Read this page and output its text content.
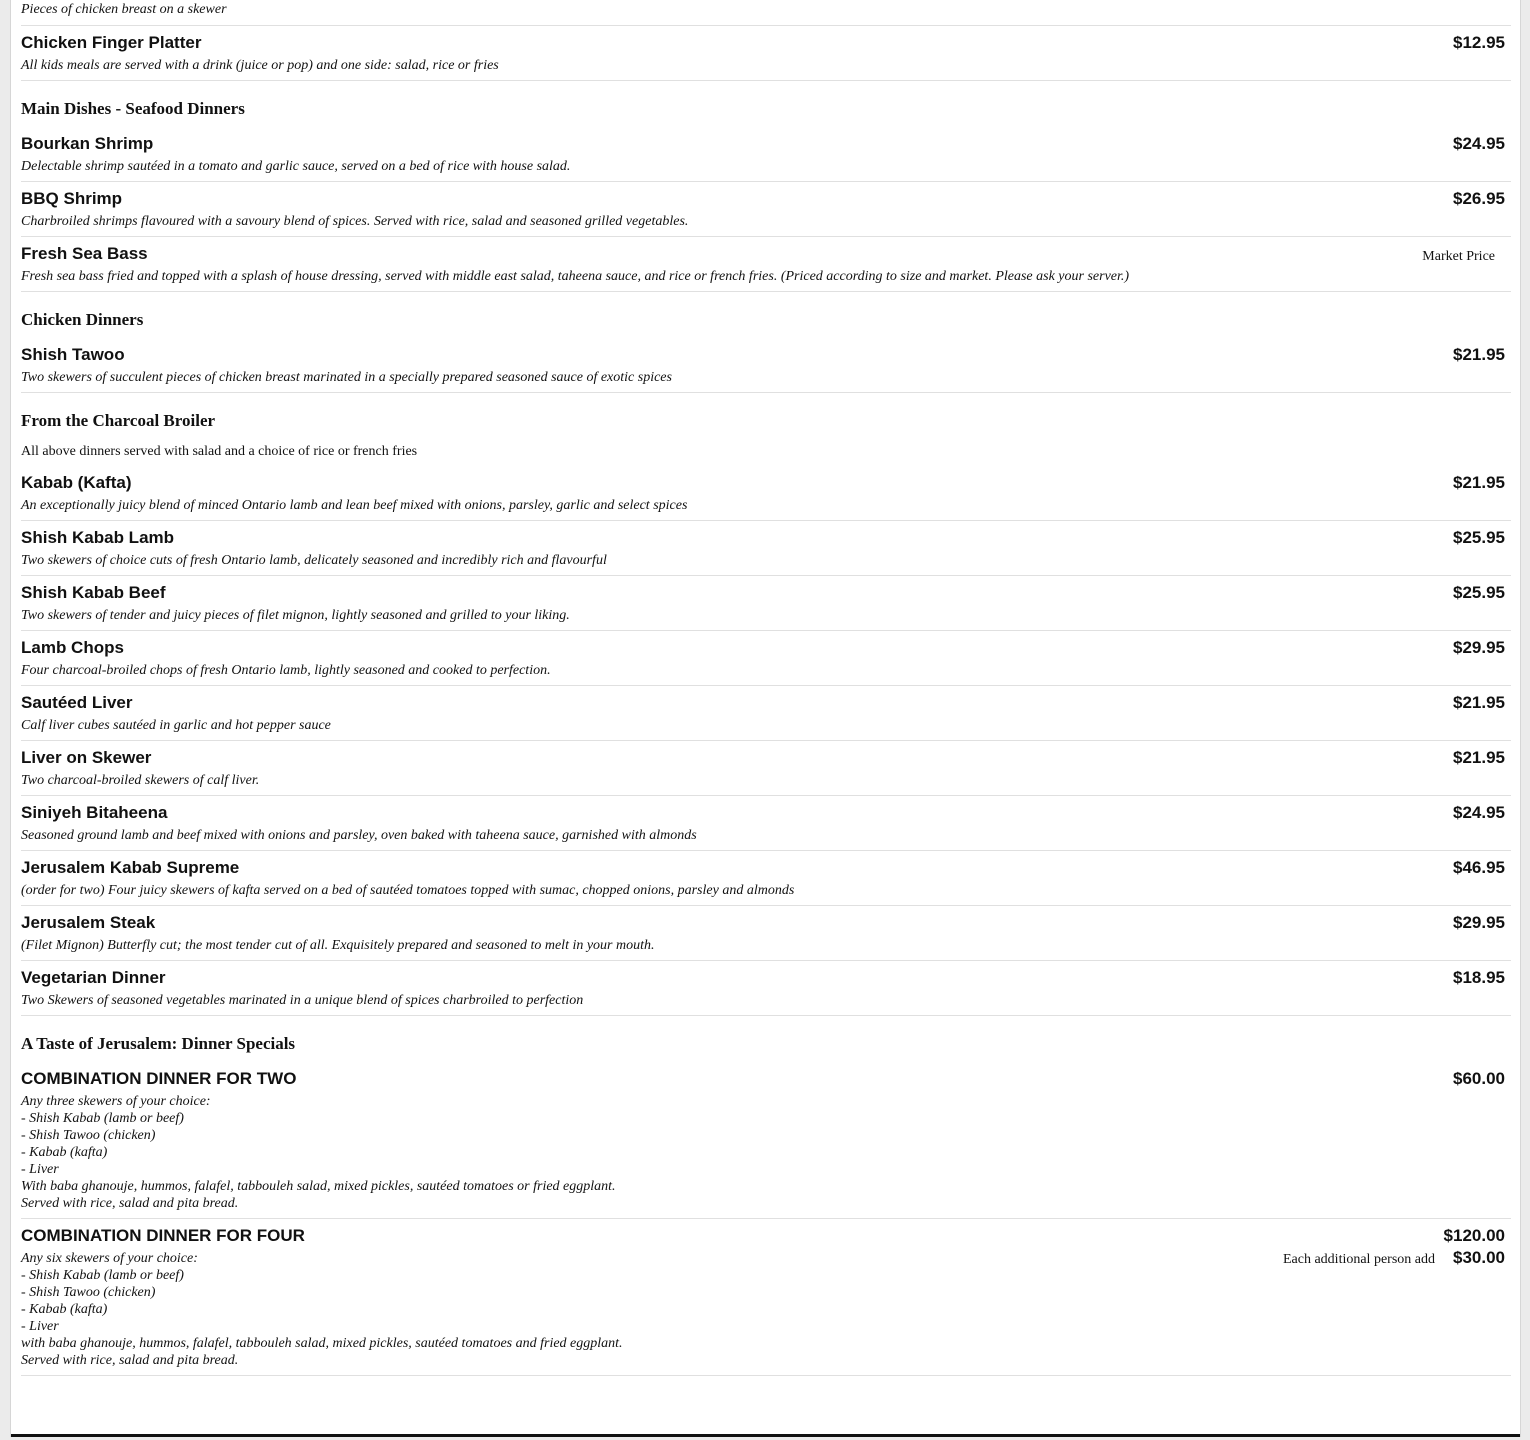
Pieces of chicken breast on a skewer
Chicken Finger Platter
All kids meals are served with a drink (juice or pop) and one side: salad, rice or fries
$12.95
Main Dishes - Seafood Dinners
Bourkan Shrimp
Delectable shrimp sautéed in a tomato and garlic sauce, served on a bed of rice with house salad.
$24.95
BBQ Shrimp
Charbroiled shrimps flavoured with a savoury blend of spices. Served with rice, salad and seasoned grilled vegetables.
$26.95
Fresh Sea Bass
Fresh sea bass fried and topped with a splash of house dressing, served with middle east salad, taheena sauce, and rice or french fries. (Priced according to size and market. Please ask your server.)
Market Price
Chicken Dinners
Shish Tawoo
Two skewers of succulent pieces of chicken breast marinated in a specially prepared seasoned sauce of exotic spices
$21.95
From the Charcoal Broiler
All above dinners served with salad and a choice of rice or french fries
Kabab (Kafta)
An exceptionally juicy blend of minced Ontario lamb and lean beef mixed with onions, parsley, garlic and select spices
$21.95
Shish Kabab Lamb
Two skewers of choice cuts of fresh Ontario lamb, delicately seasoned and incredibly rich and flavourful
$25.95
Shish Kabab Beef
Two skewers of tender and juicy pieces of filet mignon, lightly seasoned and grilled to your liking.
$25.95
Lamb Chops
Four charcoal-broiled chops of fresh Ontario lamb, lightly seasoned and cooked to perfection.
$29.95
Sautéed Liver
Calf liver cubes sautéed in garlic and hot pepper sauce
$21.95
Liver on Skewer
Two charcoal-broiled skewers of calf liver.
$21.95
Siniyeh Bitaheena
Seasoned ground lamb and beef mixed with onions and parsley, oven baked with taheena sauce, garnished with almonds
$24.95
Jerusalem Kabab Supreme
(order for two) Four juicy skewers of kafta served on a bed of sautéed tomatoes topped with sumac, chopped onions, parsley and almonds
$46.95
Jerusalem Steak
(Filet Mignon) Butterfly cut; the most tender cut of all. Exquisitely prepared and seasoned to melt in your mouth.
$29.95
Vegetarian Dinner
Two Skewers of seasoned vegetables marinated in a unique blend of spices charbroiled to perfection
$18.95
A Taste of Jerusalem: Dinner Specials
COMBINATION DINNER FOR TWO
Any three skewers of your choice:
- Shish Kabab (lamb or beef)
- Shish Tawoo (chicken)
- Kabab (kafta)
- Liver
With baba ghanouje, hummos, falafel, tabbouleh salad, mixed pickles, sautéed tomatoes or fried eggplant.
Served with rice, salad and pita bread.
$60.00
COMBINATION DINNER FOR FOUR
Any six skewers of your choice:
- Shish Kabab (lamb or beef)
- Shish Tawoo (chicken)
- Kabab (kafta)
- Liver
with baba ghanouje, hummos, falafel, tabbouleh salad, mixed pickles, sautéed tomatoes and fried eggplant.
Served with rice, salad and pita bread.
$120.00
Each additional person add $30.00
